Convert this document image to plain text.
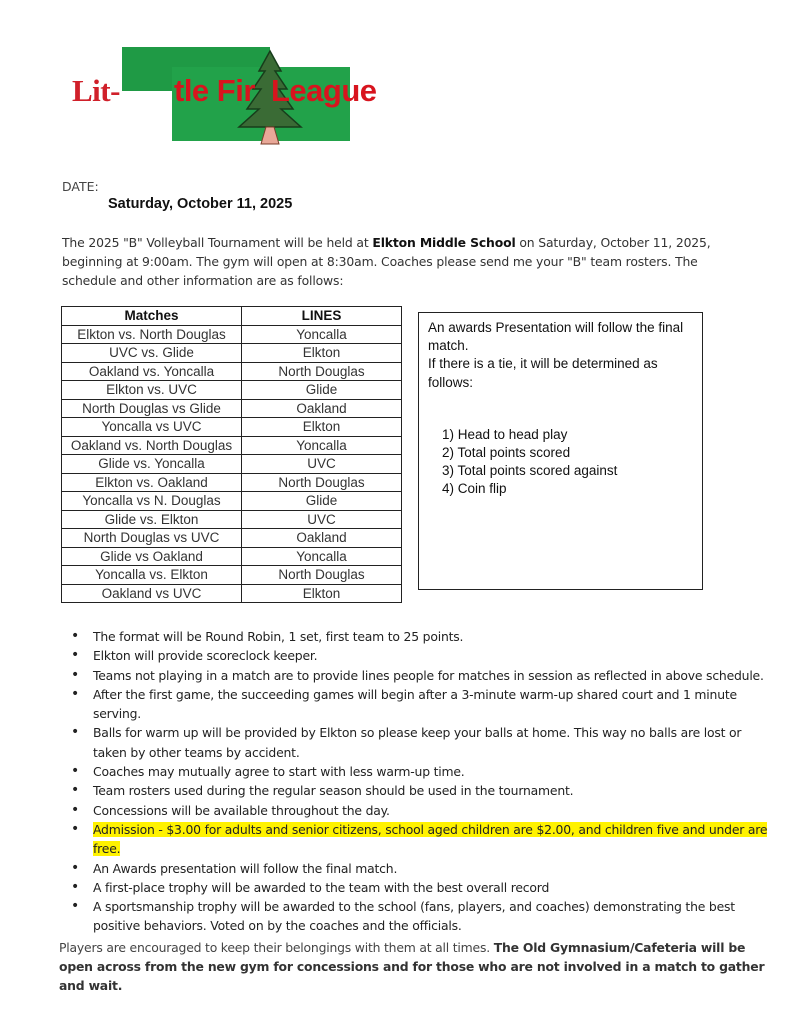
Lit- tle Fir League
DATE:
Saturday, October 11, 2025
The 2025 "B" Volleyball Tournament will be held at Elkton Middle School on Saturday, October 11, 2025, beginning at 9:00am. The gym will open at 8:30am. Coaches please send me your "B" team rosters. The schedule and other information are as follows:
Matches	LINES
Elkton vs. North Douglas	Yoncalla
UVC vs. Glide	Elkton
Oakland vs. Yoncalla	North Douglas
Elkton vs. UVC	Glide
North Douglas vs Glide	Oakland
Yoncalla vs UVC	Elkton
Oakland vs. North Douglas	Yoncalla
Glide vs. Yoncalla	UVC
Elkton vs. Oakland	North Douglas
Yoncalla vs N. Douglas	Glide
Glide vs. Elkton	UVC
North Douglas vs UVC	Oakland
Glide vs Oakland	Yoncalla
Yoncalla vs. Elkton	North Douglas
Oakland vs UVC	Elkton
An awards Presentation will follow the final match.
If there is a tie, it will be determined as follows:
1) Head to head play
2) Total points scored
3) Total points scored against
4) Coin flip
• The format will be Round Robin, 1 set, first team to 25 points.
• Elkton will provide scoreclock keeper.
• Teams not playing in a match are to provide lines people for matches in session as reflected in above schedule.
• After the first game, the succeeding games will begin after a 3-minute warm-up shared court and 1 minute serving.
• Balls for warm up will be provided by Elkton so please keep your balls at home. This way no balls are lost or taken by other teams by accident.
• Coaches may mutually agree to start with less warm-up time.
• Team rosters used during the regular season should be used in the tournament.
• Concessions will be available throughout the day.
• Admission - $3.00 for adults and senior citizens, school aged children are $2.00, and children five and under are free.
• An Awards presentation will follow the final match.
• A first-place trophy will be awarded to the team with the best overall record
• A sportsmanship trophy will be awarded to the school (fans, players, and coaches) demonstrating the best positive behaviors. Voted on by the coaches and the officials.
Players are encouraged to keep their belongings with them at all times. The Old Gymnasium/Cafeteria will be open across from the new gym for concessions and for those who are not involved in a match to gather and wait.
